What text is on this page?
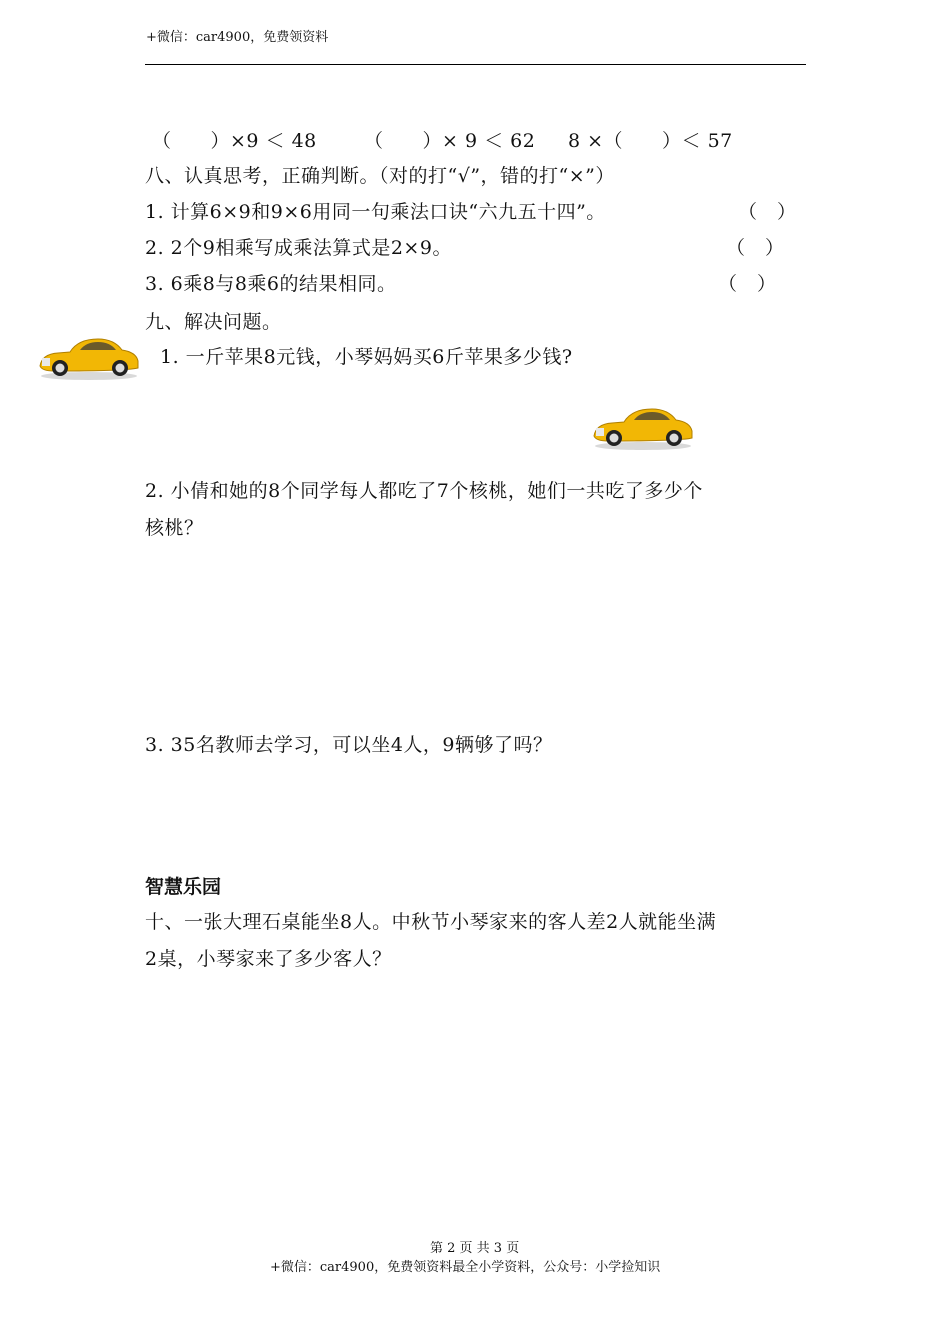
+微信：car4900，免费领资料
（　　）×9 ＜ 48 （　　）× 9 ＜ 62 8 ×（　　）＜ 57
八、认真思考，正确判断。（对的打“√”，错的打“×”）
1. 计算6×9和9×6用同一句乘法口诀“六九五十四”。	（　）
2. 2个9相乘写成乘法算式是2×9。	（　）
3. 6乘8与8乘6的结果相同。	（　）
九、解决问题。
1. 一斤苹果8元钱，小琴妈妈买6斤苹果多少钱?
2. 小倩和她的8个同学每人都吃了7个核桃，她们一共吃了多少个
核桃？
3. 35名教师去学习，可以坐4人，9辆够了吗？
智慧乐园
十、一张大理石桌能坐8人。中秋节小琴家来的客人差2人就能坐满
2桌，小琴家来了多少客人？
第 2 页 共 3 页
+微信：car4900，免费领资料最全小学资料，公众号：小学捡知识
